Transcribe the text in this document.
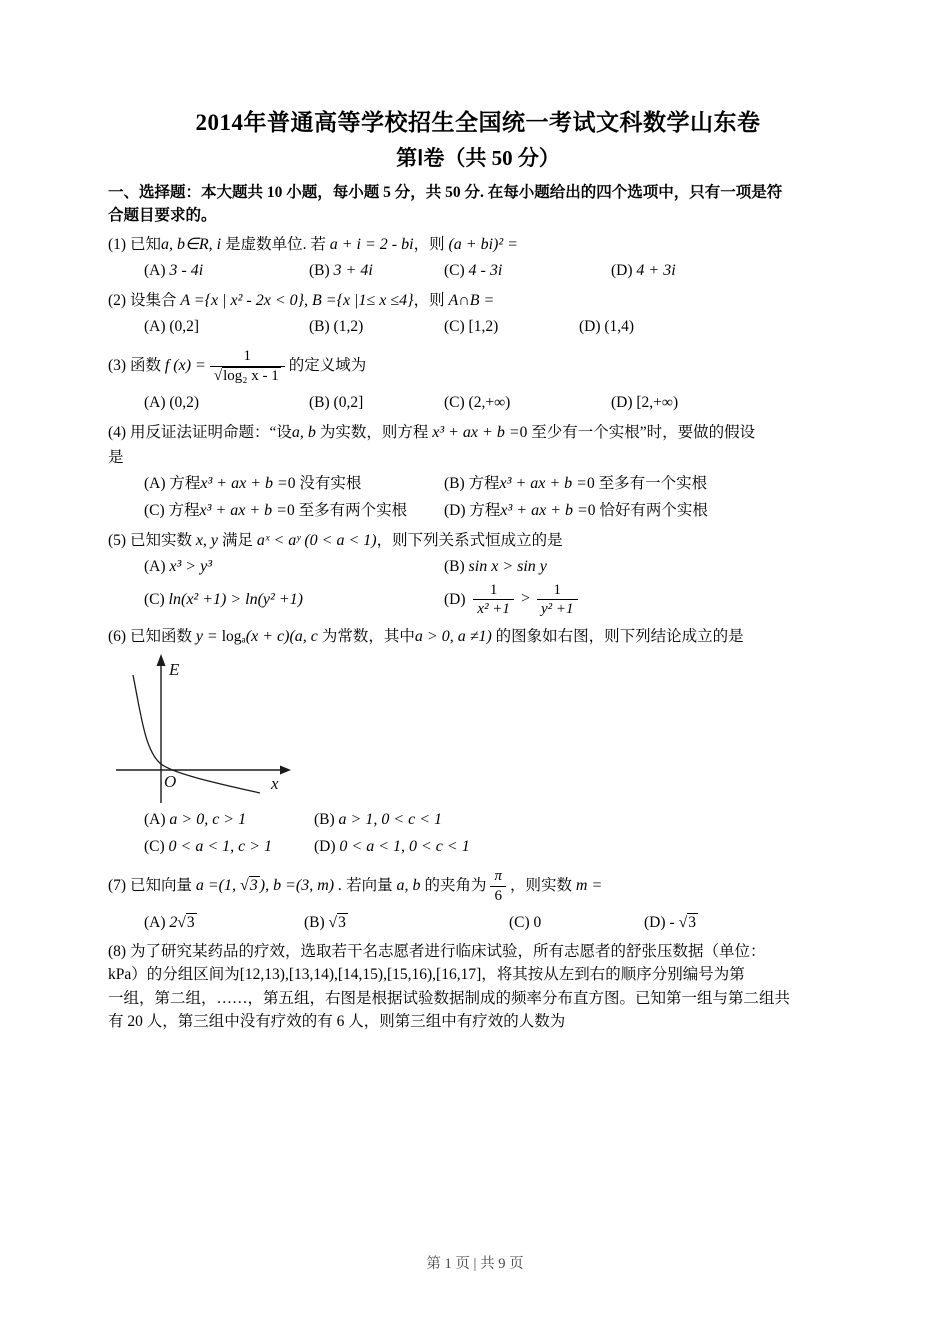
2014年普通高等学校招生全国统一考试文科数学山东卷
第Ⅰ卷（共 50 分）
一、选择题：本大题共 10 小题，每小题 5 分，共 50 分. 在每小题给出的四个选项中，只有一项是符
合题目要求的。
(1) 已知a, b∈R, i 是虚数单位. 若 a + i = 2 - bi，则 (a + bi)² =
(A) 3 - 4i	(B) 3 + 4i	(C) 4 - 3i	(D) 4 + 3i
(2) 设集合 A ={x | x² - 2x < 0}, B ={x |1≤ x ≤4}，则 A∩B =
(A) (0,2]	(B) (1,2)	(C) [1,2)	(D) (1,4)
(3) 函数 f $(x) = \frac{1}{\text{√log₂ x - 1}}$ 的定义域为
(A) (0,2)	(B) (0,2]	(C) (2,+∞)	(D) [2,+∞)
(4) 用反证法证明命题：“设a, b 为实数，则方程 x³ + ax + b =0 至少有一个实根”时，要做的假设
是
(A) 方程x³ + ax + b =0 没有实根	(B) 方程x³ + ax + b =0 至多有一个实根
(C) 方程x³ + ax + b =0 至多有两个实根	(D) 方程x³ + ax + b =0 恰好有两个实根
(5) 已知实数 x, y 满足 aˣ < aʸ (0 < a < 1)，则下列关系式恒成立的是
(A) x³ > y³	(B) sin x > sin y
(C) ln(x² +1) > ln(y² +1)	$(D) \frac{1}{\text{x² +1}} > \frac{1}{\text{y² +1}}$
(6) 已知函数 y = logₐ(x + c)(a, c 为常数，其中a > 0, a ≠1) 的图象如右图，则下列结论成立的是
E
O	x
(A) a > 0, c > 1	(B) a > 1, 0 < c < 1
(C) 0 < a < 1, c > 1	(D) 0 < a < 1, 0 < c < 1
(7) 已知向量 a =(1, √3 ), b =(3, m) . 若向量 a, b 的夹角为 $\frac{\pi}{6}$ ，则实数 m =
(A) 2√3	(B) √3	(C) 0	(D) - √3
(8) 为了研究某药品的疗效，选取若干名志愿者进行临床试验，所有志愿者的舒张压数据（单位：
kPa）的分组区间为[12,13),[13,14),[14,15),[15,16),[16,17]，将其按从左到右的顺序分别编号为第
一组，第二组，……，第五组，右图是根据试验数据制成的频率分布直方图。已知第一组与第二组共
有 20 人，第三组中没有疗效的有 6 人，则第三组中有疗效的人数为
第 1 页 | 共 9 页
